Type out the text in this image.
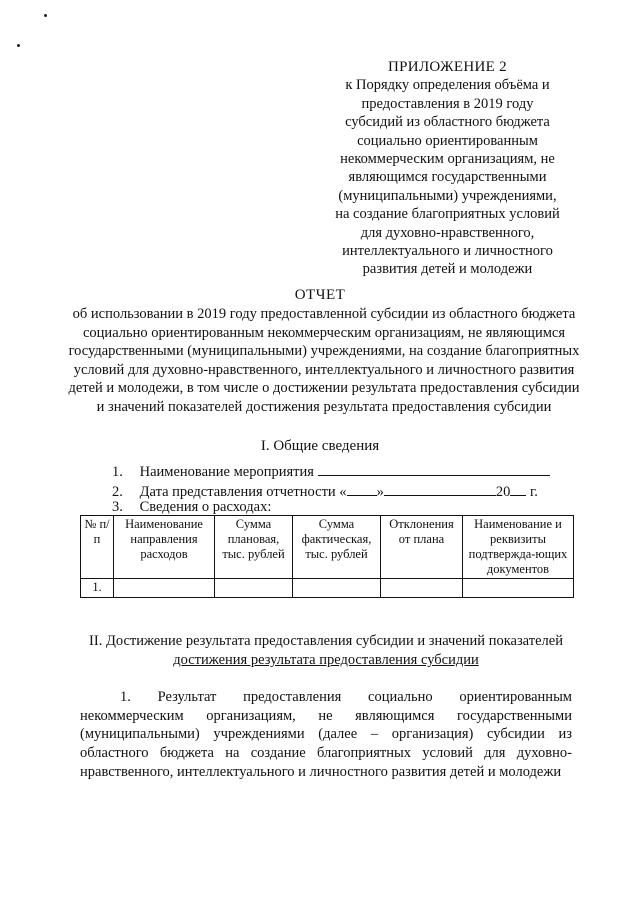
ПРИЛОЖЕНИЕ 2
к Порядку определения объёма и
предоставления в 2019 году
субсидий из областного бюджета
социально ориентированным
некоммерческим организациям, не
являющимся государственными
(муниципальными) учреждениями,
на создание благоприятных условий
для духовно-нравственного,
интеллектуального и личностного
развития детей и молодежи
ОТЧЕТ
об использовании в 2019 году предоставленной субсидии из областного бюджета социально ориентированным некоммерческим организациям, не являющимся государственными (муниципальными) учреждениями, на создание благоприятных условий для духовно-нравственного, интеллектуального и личностного развития детей и молодежи, в том числе о достижении результата предоставления субсидии и значений показателей достижения результата предоставления субсидии
I. Общие сведения
1. Наименование мероприятия
2. Дата представления отчетности « »	20 г.
3. Сведения о расходах:
№ п/п	Наименование направления расходов	Сумма плановая, тыс. рублей	Сумма фактическая, тыс. рублей	Отклонения от плана	Наименование и реквизиты подтвержда-ющих документов
1.					
II. Достижение результата предоставления субсидии и значений показателей
достижения результата предоставления субсидии
1. Результат предоставления социально ориентированным некоммерческим организациям, не являющимся государственными (муниципальными) учреждениями (далее – организация) субсидии из областного бюджета на создание благоприятных условий для духовно-нравственного, интеллектуального и личностного развития детей и молодежи
